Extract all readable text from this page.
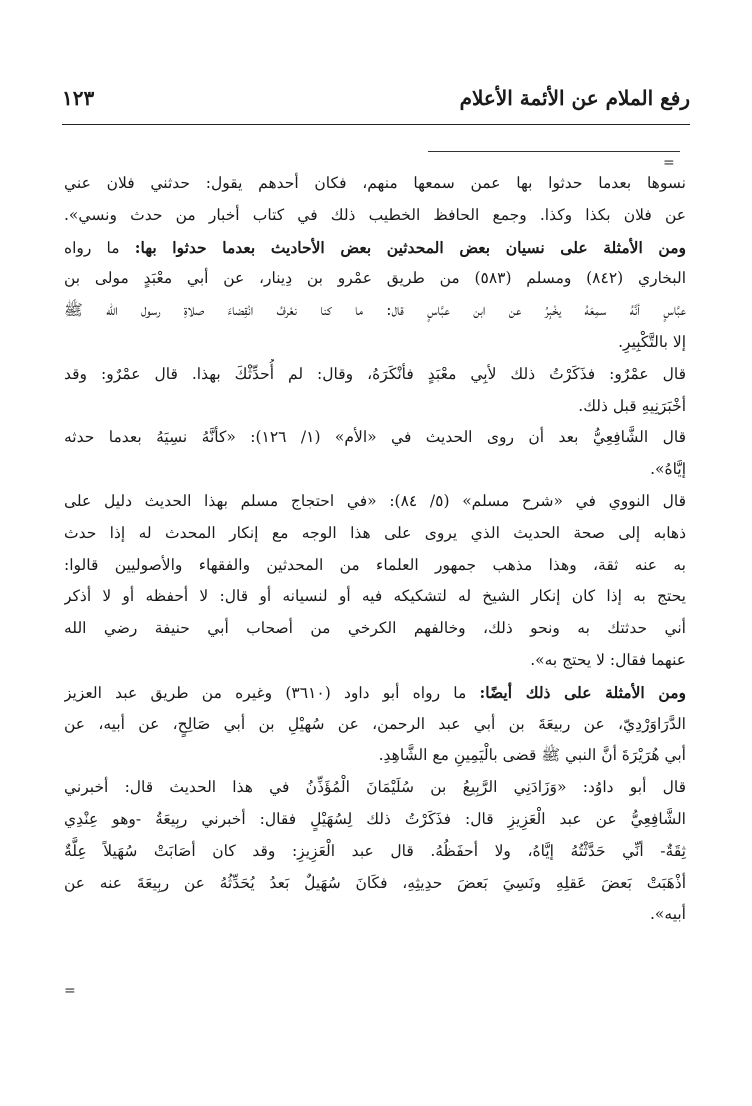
رفع الملام عن الأئمة الأعلام
١٢٣
=
نسوها بعدما حدثوا بها عمن سمعها منهم، فكان أحدهم يقول: حدثني فلان عني
عن فلان بكذا وكذا. وجمع الحافظ الخطيب ذلك في كتاب أخبار من حدث ونسي».
ومن الأمثلة على نسيان بعض المحدثين بعض الأحاديث بعدما حدثوا بها: ما رواه
البخاري (٨٤٢) ومسلم (٥٨٣) من طريق عمْرو بن دِينار، عن أبي معْبَدٍ مولى بن
عبَّاسٍ أنَّهُ سمِعَهُ يخْبِرُ عن ابن عبَّاسٍ قال: ما كنا نعْرفُ انْقِضاءَ صلاةِ رسول الله ﷺ
إلا بالتَّكْبِيرِ.
قال عمْرٌو: فذَكَرْتُ ذلك لأبِي معْبَدٍ فأنْكَرَهُ، وقال: لم أُحدِّثْكَ بهذا. قال عمْرٌو: وقد
أخْبَرَنِيهِ قبل ذلك.
قال الشَّافِعِيُّ بعد أن روى الحديث في «الأم» (١/ ١٢٦): «كأنَّهُ نسِيَهُ بعدما حدثه
إيَّاهُ».
قال النووي في «شرح مسلم» (٥/ ٨٤): «في احتجاج مسلم بهذا الحديث دليل على
ذهابه إلى صحة الحديث الذي يروى على هذا الوجه مع إنكار المحدث له إذا حدث
به عنه ثقة، وهذا مذهب جمهور العلماء من المحدثين والفقهاء والأصوليين قالوا:
يحتج به إذا كان إنكار الشيخ له لتشكيكه فيه أو لنسيانه أو قال: لا أحفظه أو لا أذكر
أني حدثتك به ونحو ذلك، وخالفهم الكرخي من أصحاب أبي حنيفة رضي الله
عنهما فقال: لا يحتج به».
ومن الأمثلة على ذلك أيضًا: ما رواه أبو داود (٣٦١٠) وغيره من طريق عبد العزيز
الدَّرَاوَرْدِيّ، عن ربيعَةَ بن أبي عبد الرحمن، عن سُهيْلِ بن أبي صَالِحٍ، عن أبيه، عن
أبي هُرَيْرَةَ أنَّ النبي ﷺ قضى بالْيَمِينِ مع الشَّاهِدِ.
قال أبو داوُد: «وَزَادَنِي الرَّبِيعُ بن سُلَيْمَانَ الْمُؤَذِّنُ في هذا الحديث قال: أخبرني
الشَّافِعِيُّ عن عبد الْعَزِيزِ قال: فذَكَرْتُ ذلك لِسُهَيْلٍ فقال: أخبرني ربِيعَةُ -وهو عِنْدِي
ثِقَةٌ- أنِّي حَدَّثْتُهُ إيَّاهُ، ولا أحفَظُهُ. قال عبد الْعَزِيزِ: وقد كان أصَابَتْ سُهَيلاً عِلَّةٌ
أذْهَبَتْ بَعضَ عَقلِهِ ونَسِيَ بَعضَ حدِيثِهِ، فكَانَ سُهَيلٌ بَعدُ يُحَدِّثُهُ عن ربِيعَةَ عنه عن
أبيه».
=
